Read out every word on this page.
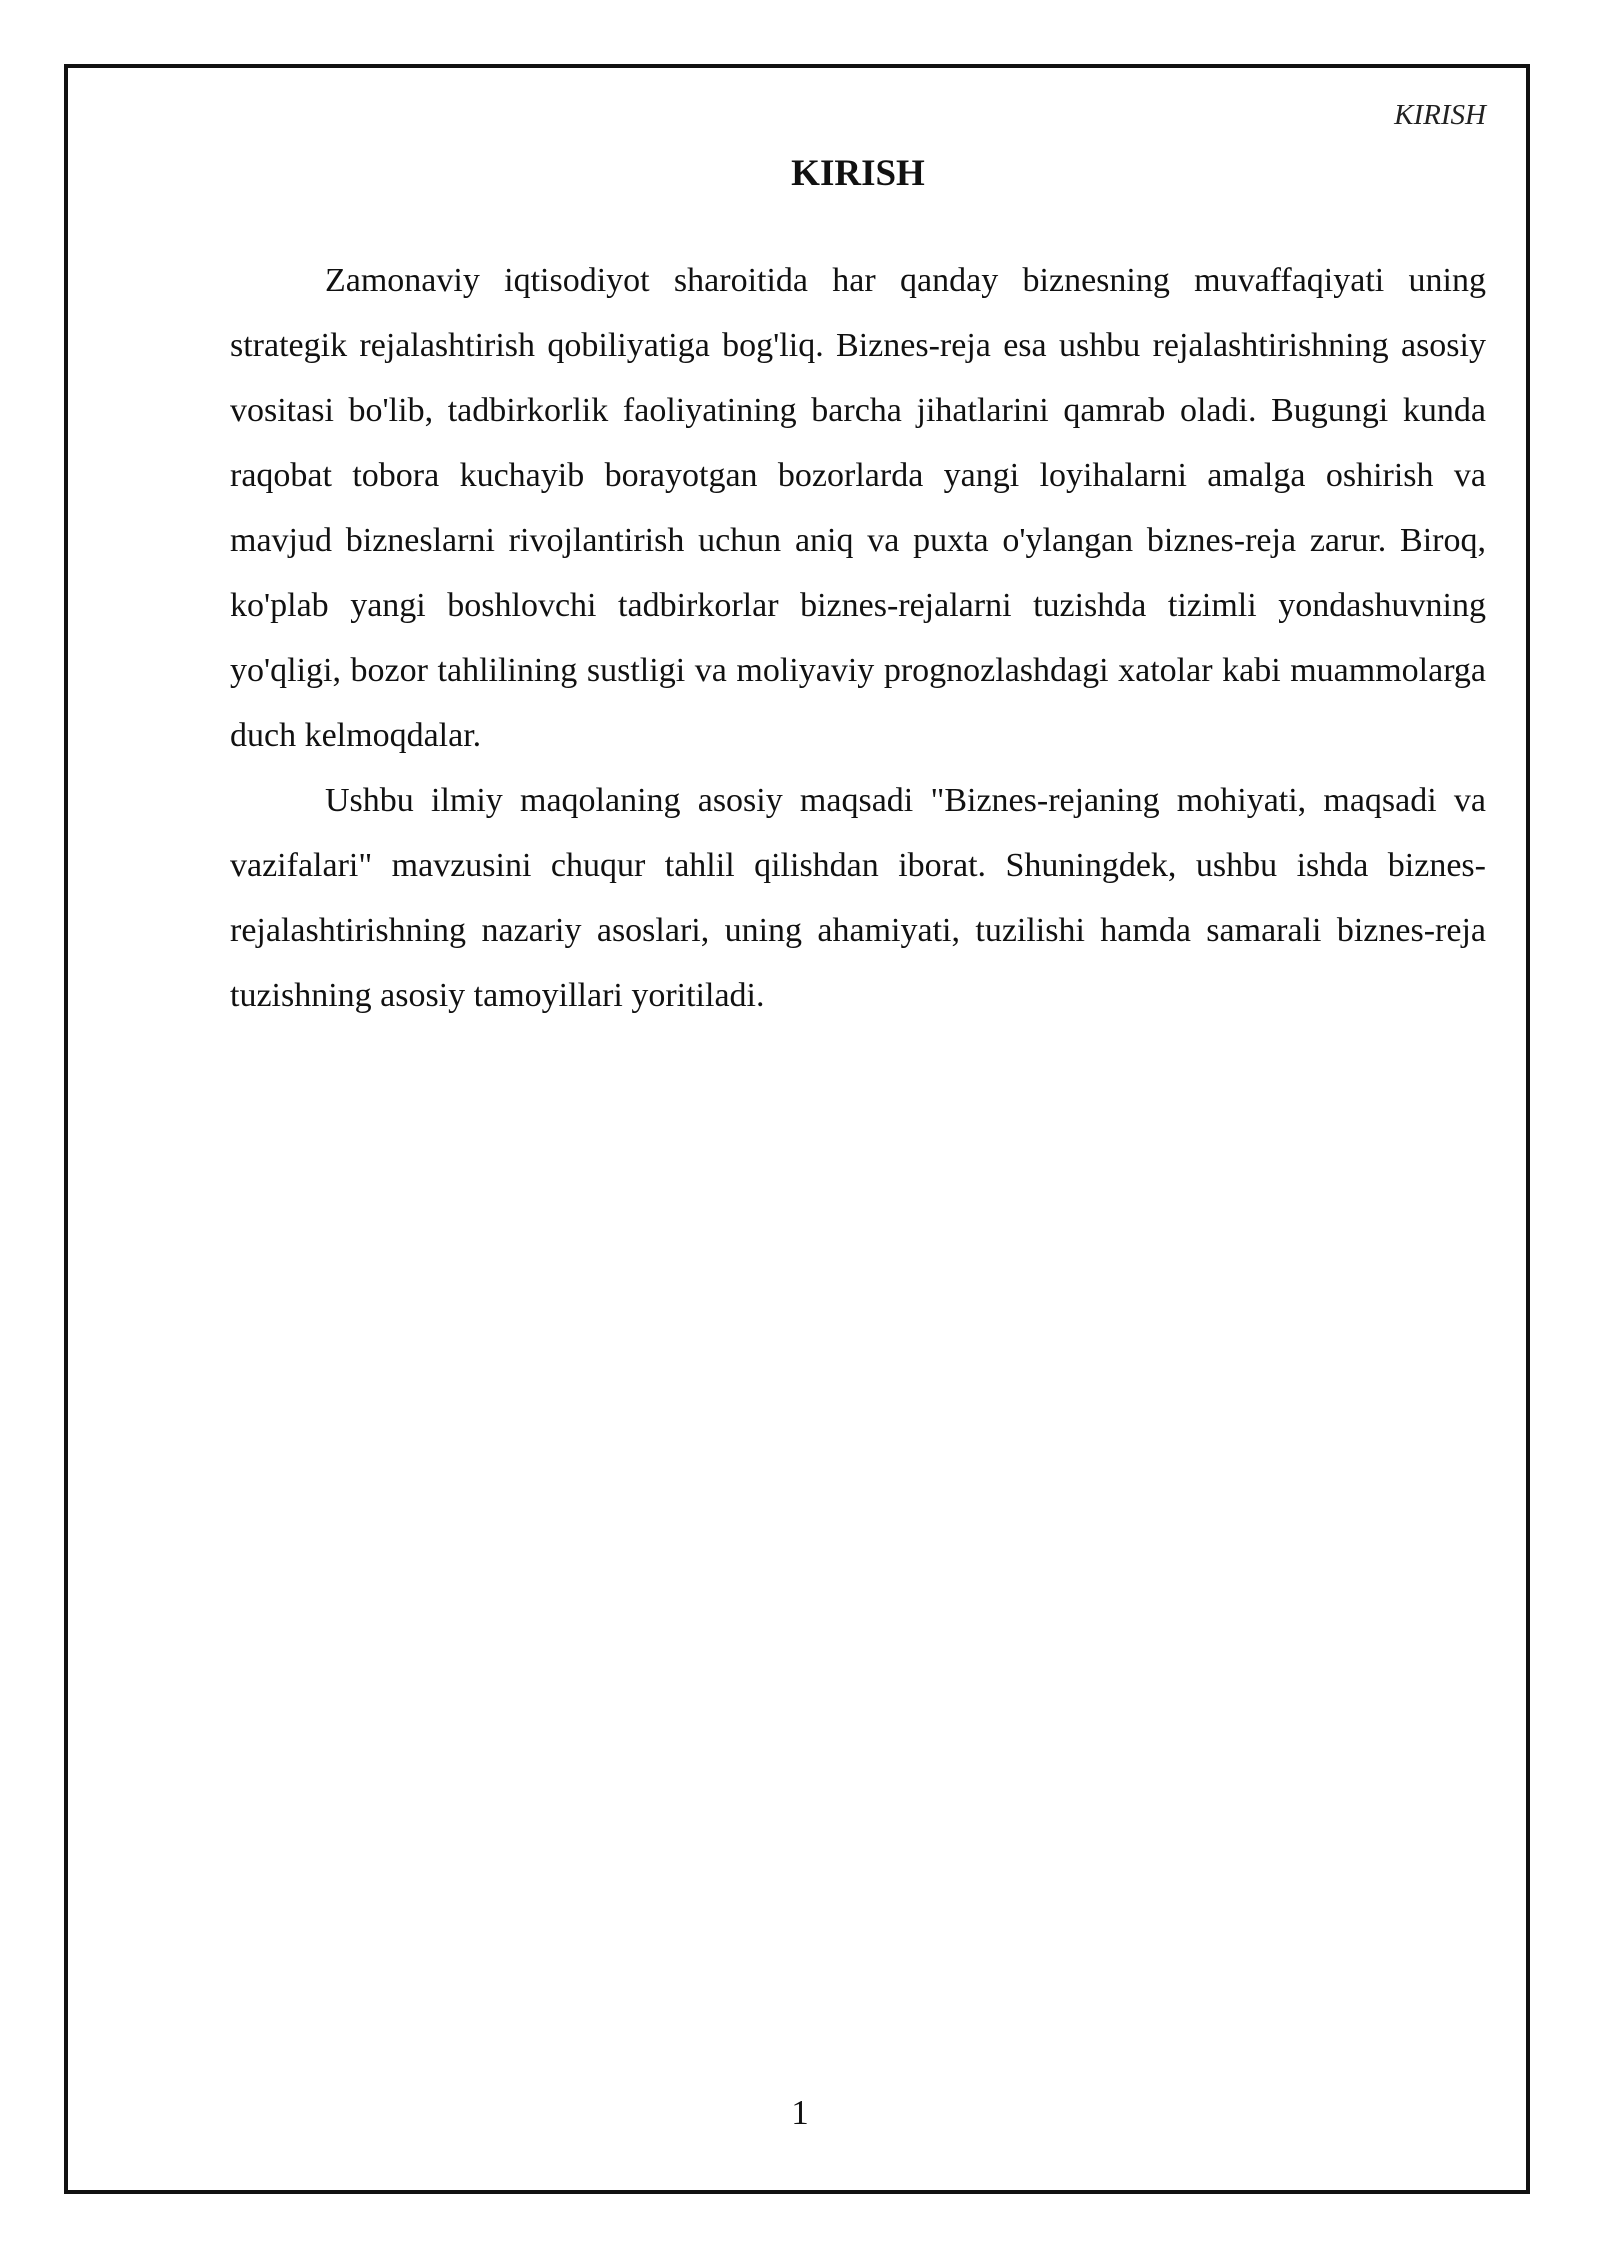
KIRISH
KIRISH

Zamonaviy iqtisodiyot sharoitida har qanday biznesning muvaffaqiyati uning strategik rejalashtirish qobiliyatiga bog'liq. Biznes-reja esa ushbu rejalashtirishning asosiy vositasi bo'lib, tadbirkorlik faoliyatining barcha jihatlarini qamrab oladi. Bugungi kunda raqobat tobora kuchayib borayotgan bozorlarda yangi loyihalarni amalga oshirish va mavjud bizneslarni rivojlantirish uchun aniq va puxta o'ylangan biznes-reja zarur. Biroq, ko'plab yangi boshlovchi tadbirkorlar biznes-rejalarni tuzishda tizimli yondashuvning yo'qligi, bozor tahlilining sustligi va moliyaviy prognozlashdagi xatolar kabi muammolarga duch kelmoqdalar.

Ushbu ilmiy maqolaning asosiy maqsadi "Biznes-rejaning mohiyati, maqsadi va vazifalari" mavzusini chuqur tahlil qilishdan iborat. Shuningdek, ushbu ishda biznes-rejalashtirishning nazariy asoslari, uning ahamiyati, tuzilishi hamda samarali biznes-reja tuzishning asosiy tamoyillari yoritiladi.

1
